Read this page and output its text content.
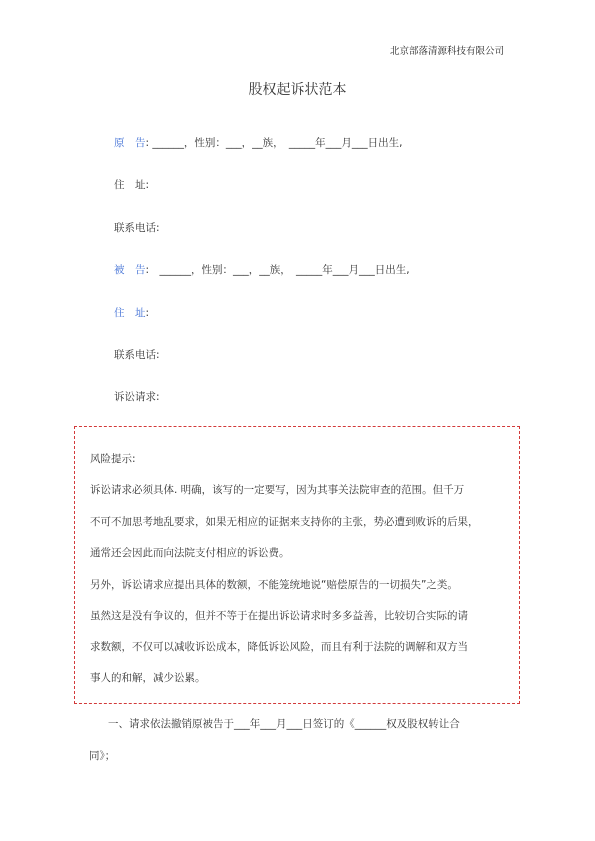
北京部落清源科技有限公司
股权起诉状范本
原　告: ______，性别：___，__族，　_____年___月___日出生,
住　址:
联系电话:
被　告:　______，性别：___，__族，　_____年___月___日出生,
住　址:
联系电话:
诉讼请求:
风险提示:
诉讼请求必须具体. 明确，该写的一定要写，因为其事关法院审查的范围。但千万
不可不加思考地乱要求，如果无相应的证据来支持你的主张，势必遭到败诉的后果，
通常还会因此而向法院支付相应的诉讼费。
另外，诉讼请求应提出具体的数额，不能笼统地说“赔偿原告的一切损失”之类。
虽然这是没有争议的，但并不等于在提出诉讼请求时多多益善，比较切合实际的请
求数额，不仅可以减收诉讼成本，降低诉讼风险，而且有利于法院的调解和双方当
事人的和解，减少讼累。
一、请求依法撤销原被告于___年___月___日签订的《______权及股权转让合
同》；
